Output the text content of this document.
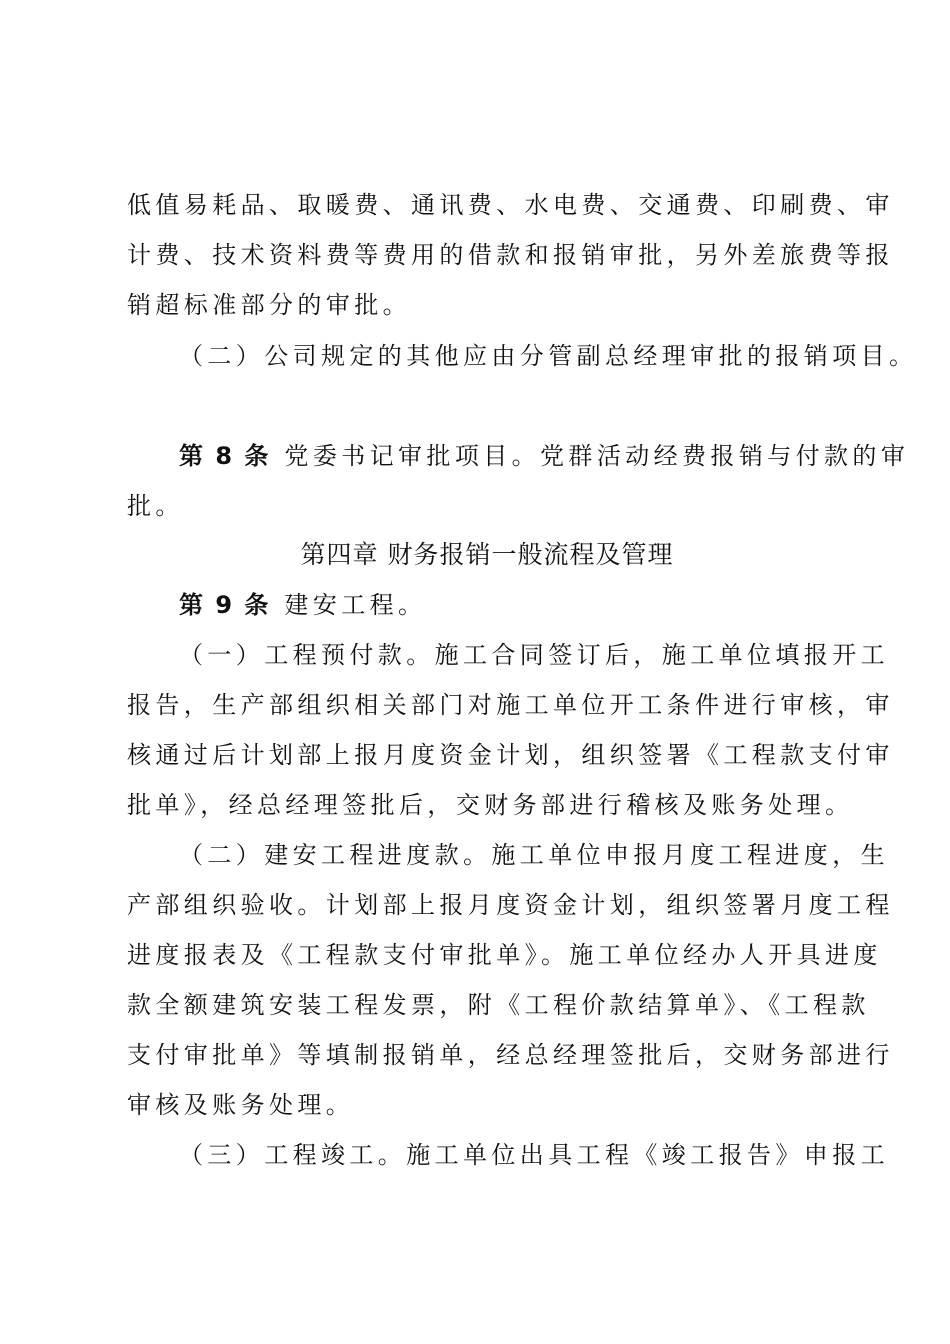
低值易耗品、取暖费、通讯费、水电费、交通费、印刷费、审
计费、技术资料费等费用的借款和报销审批，另外差旅费等报
销超标准部分的审批。
（二）公司规定的其他应由分管副总经理审批的报销项目。
第 8 条 党委书记审批项目。党群活动经费报销与付款的审
批。
第四章 财务报销一般流程及管理
第 9 条 建安工程。
（一）工程预付款。施工合同签订后，施工单位填报开工
报告，生产部组织相关部门对施工单位开工条件进行审核，审
核通过后计划部上报月度资金计划，组织签署《工程款支付审
批单》，经总经理签批后，交财务部进行稽核及账务处理。
（二）建安工程进度款。施工单位申报月度工程进度，生
产部组织验收。计划部上报月度资金计划，组织签署月度工程
进度报表及《工程款支付审批单》。施工单位经办人开具进度
款全额建筑安装工程发票，附《工程价款结算单》、《工程款
支付审批单》等填制报销单，经总经理签批后，交财务部进行
审核及账务处理。
（三）工程竣工。施工单位出具工程《竣工报告》申报工
